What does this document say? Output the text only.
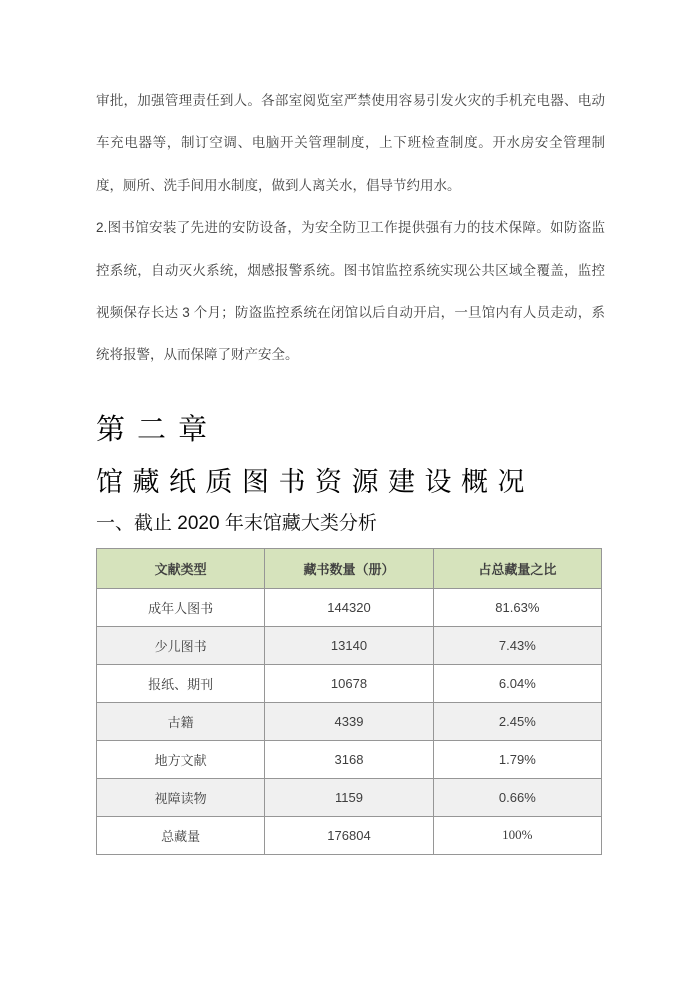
审批，加强管理责任到人。各部室阅览室严禁使用容易引发火灾的手机充电器、电动车充电器等，制订空调、电脑开关管理制度，上下班检查制度。开水房安全管理制度，厕所、洗手间用水制度，做到人离关水，倡导节约用水。

2.图书馆安装了先进的安防设备，为安全防卫工作提供强有力的技术保障。如防盗监控系统，自动灭火系统，烟感报警系统。图书馆监控系统实现公共区域全覆盖，监控视频保存长达 3 个月；防盗监控系统在闭馆以后自动开启，一旦馆内有人员走动，系统将报警，从而保障了财产安全。

第 二 章
馆 藏 纸 质 图 书 资 源 建 设 概 况
一、截止 2020 年末馆藏大类分析
文献类型	藏书数量（册）	占总藏量之比
成年人图书	144320	81.63%
少儿图书	13140	7.43%
报纸、期刊	10678	6.04%
古籍	4339	2.45%
地方文献	3168	1.79%
视障读物	1159	0.66%
总藏量	176804	100%
